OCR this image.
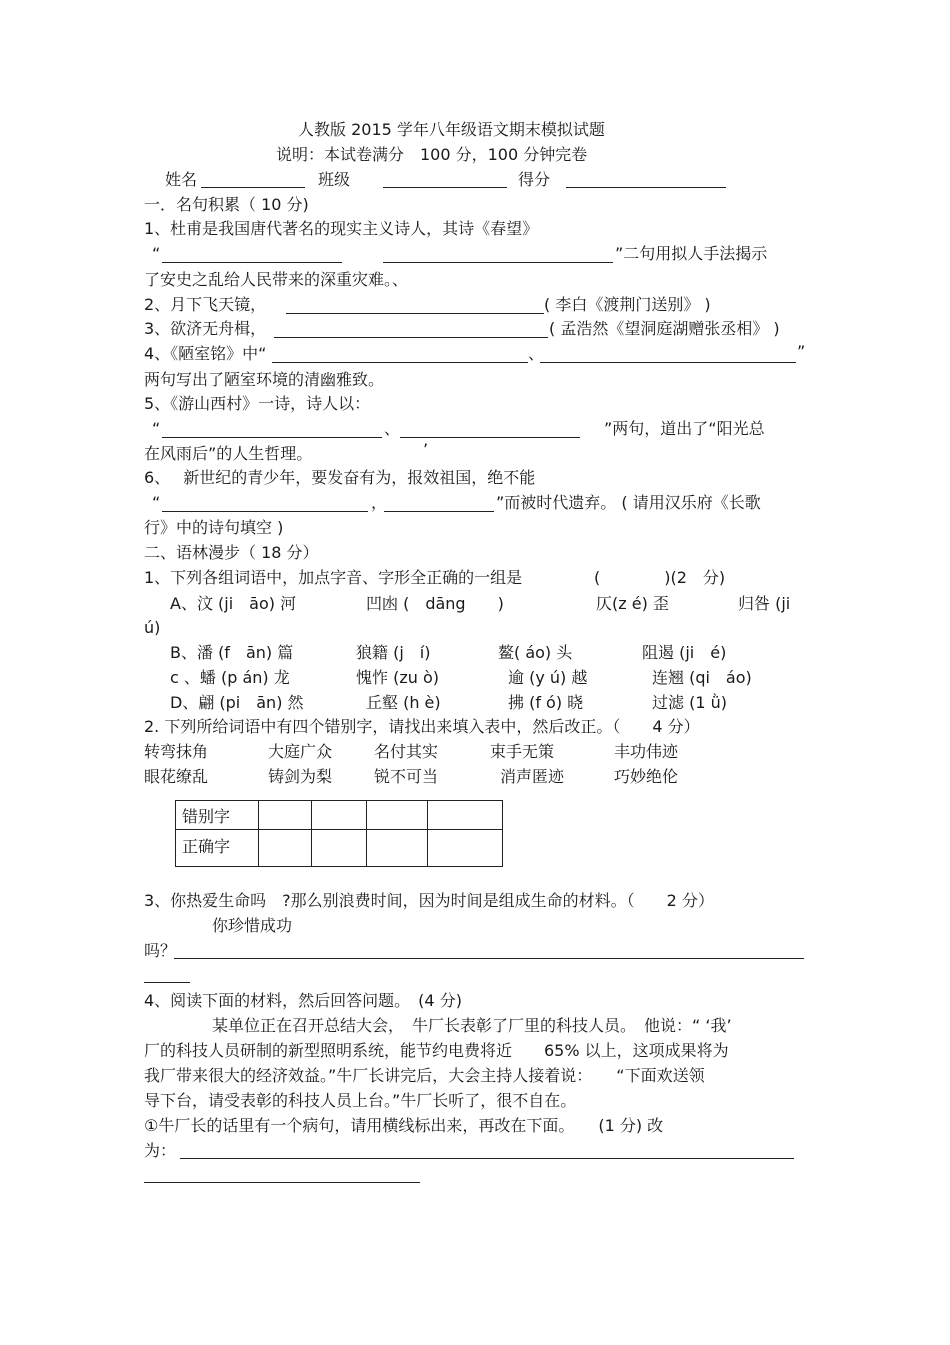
人教版 2015 学年八年级语文期末模拟试题
说明：本试卷满分　100 分，100 分钟完卷
姓名	班级	得分
一．名句积累（ 10 分)
1、杜甫是我国唐代著名的现实主义诗人，其诗《春望》
“	”二句用拟人手法揭示
了安史之乱给人民带来的深重灾难。、
2、月下飞天镜，	( 李白《渡荆门送别》 )
3、欲济无舟楫，	( 孟浩然《望洞庭湖赠张丞相》 )
4、《陋室铭》中“	、	”
两句写出了陋室环境的清幽雅致。
5、《游山西村》一诗，诗人以：
“	、	”两句，道出了“阳光总
在风雨后”的人生哲理。	’
6、　 新世纪的青少年，要发奋有为，报效祖国，绝不能
“	，	”而被时代遗弃。 ( 请用汉乐府《长歌
行》中的诗句填空 )
二、语林漫步（ 18 分）
1、下列各组词语中，加点字音、字形全正确的一组是	(　　　　)(2　分)
A、汶 (ji　āo) 河	凹凼 (　dāng　　)	仄(z é) 歪	归咎 (ji
ú)
B、潘 (f　ān) 篇	狼籍 (j　í)	鳌( áo) 头	阻遏 (ji　é)
c 、蟠 (p án) 龙	愧怍 (zu ò)	逾 (y ú) 越	连翘 (qi　áo)
D、翩 (pi　ān) 然	丘壑 (h è)	拂 (f ó) 晓	过滤 (1 ǜ)
2. 下列所给词语中有四个错别字，请找出来填入表中，然后改正。（　　4 分）
转弯抹角	大庭广众	名付其实	束手无策	丰功伟迹
眼花缭乱	铸剑为梨	锐不可当	消声匿迹	巧妙绝伦
错别字				
正确字				
3、你热爱生命吗　?那么别浪费时间，因为时间是组成生命的材料。（　　2 分）
你珍惜成功
吗？
4、阅读下面的材料，然后回答问题。　(4 分)
某单位正在召开总结大会，　牛厂长表彰了厂里的科技人员。　他说：“ ‘我’
厂的科技人员研制的新型照明系统，能节约电费将近　　65% 以上，这项成果将为
我厂带来很大的经济效益。”牛厂长讲完后，大会主持人接着说：　　“下面欢送领
导下台，请受表彰的科技人员上台。”牛厂长听了，很不自在。
①牛厂长的话里有一个病句，请用横线标出来，再改在下面。　　(1 分) 改
为：
